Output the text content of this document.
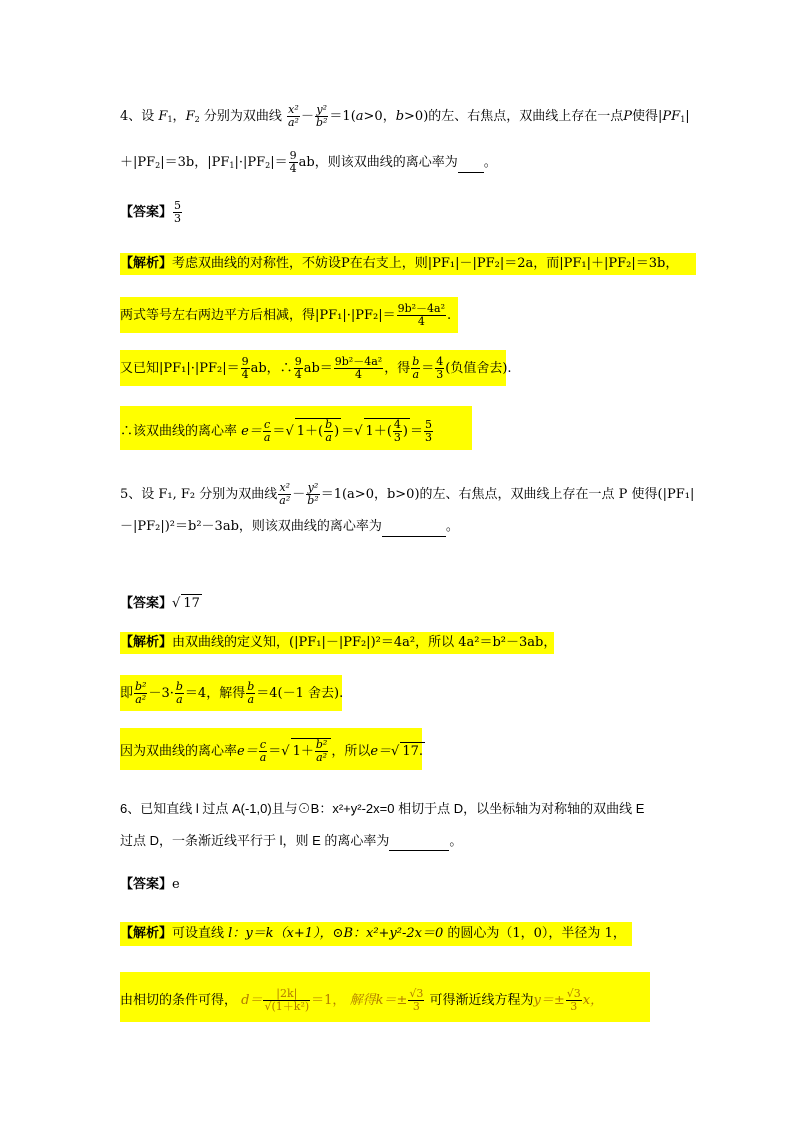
4、设 $F_1$，$F_2$ 分别为双曲线 $\frac{\text{x²}}{\text{a²}} - \frac{\text{y²}}{\text{b²}} =1(a>0$，b>0)的左、右焦点，双曲线上存在一点P使得$|PF_1|$
$+|PF_2|=3b$，$|PF_1|\cdot|PF_2|= \frac{9}{4}$ ab，则该双曲线的离心率为 。
【答案】 $\frac{5}{3}$
【解析】考虑双曲线的对称性，不妨设P在右支上，则|PF₁|－|PF₂|＝2a，而|PF₁|＋|PF₂|＝3b，
两式等号左右两边平方后相减，得$|PF_1|\cdot|PF_2|= \frac{\text{9b²－4a²}}{4}$ .
又已知$|PF_1|\cdot|PF_2|= \frac{9}{4}$ ab，∴ $\frac{9}{4} ab= \frac{\text{9b²－4a²}}{4}$ ，得 $\frac{b}{a} = \frac{4}{3}$ (负值舍去).
∴该双曲线的离心率 $e= \frac{c}{a}$ ＝√ $1+( \frac{b}{a}$ ) ＝√ $1+( \frac{4}{3}$ ) ＝ $\frac{5}{3}$
5、设 F₁, F₂ 分别为双曲线 $\frac{\text{x²}}{\text{a²}} - \frac{\text{y²}}{\text{b²}} =1(a>0$，b>0)的左、右焦点，双曲线上存在一点 P 使得(|PF₁|
－|PF₂|)²＝b²－3ab，则该双曲线的离心率为	。
【答案】√ 17
【解析】由双曲线的定义知，(|PF₁|－|PF₂|)²＝4a²，所以 4a²＝b²－3ab，
即 $\frac{\text{b²}}{\text{a²}} -3\cdot \frac{b}{a} =4$，解得 $\frac{b}{a} =4(-1$ 舍去).
因为双曲线的离心率$e= \frac{c}{a}$ ＝√ $1+ \frac{\text{b²}}{\text{a²}}$ ，所以e＝√ 17.
6、已知直线 l 过点 A(-1,0)且与⊙B：x²+y²-2x=0 相切于点 D，以坐标轴为对称轴的双曲线 E
过点 D，一条渐近线平行于 l，则 E 的离心率为	。
【答案】e
【解析】可设直线 l：y＝k（x+1），⊙B：x²+y²-2x＝0 的圆心为（1，0），半径为 1，
由相切的条件可得， $d= \frac{|2k|}{\text{√(1＋k²)}} =1$， 解得$k=\pm \frac{√3}{3}$ 可得渐近线方程为$y=\pm \frac{√3}{3}$ x，
